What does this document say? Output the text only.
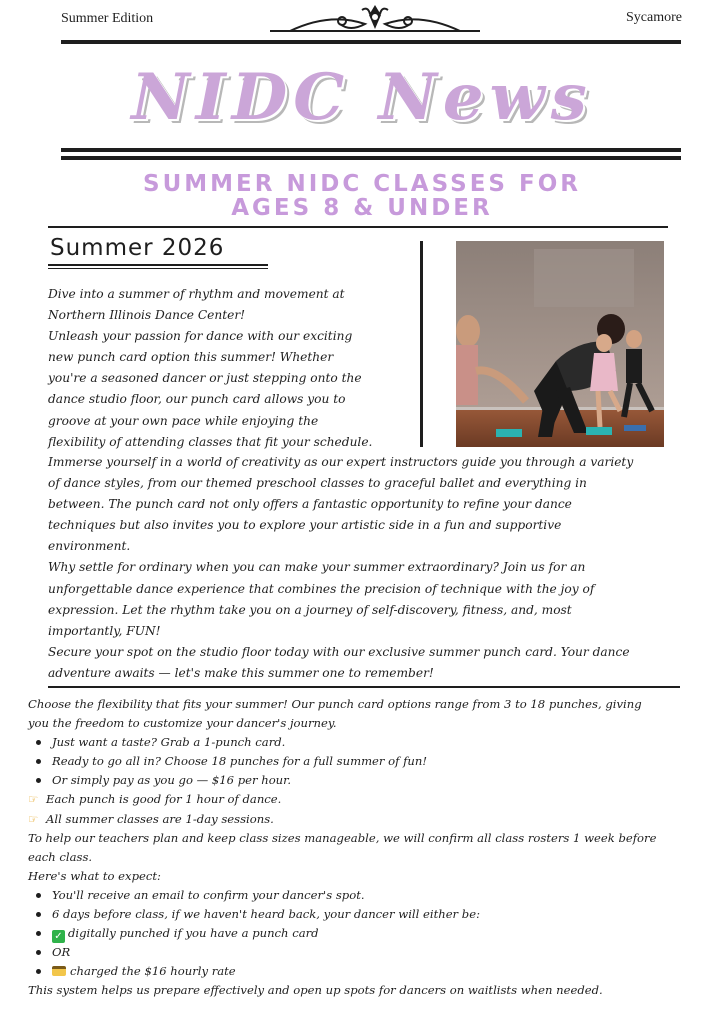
Summer Edition	Sycamore
NIDC News
SUMMER NIDC CLASSES FOR
AGES 8 & UNDER
Summer 2026

Dive into a summer of rhythm and movement at

Northern Illinois Dance Center!

Unleash your passion for dance with our exciting

new punch card option this summer! Whether

you're a seasoned dancer or just stepping onto the

dance studio floor, our punch card allows you to

groove at your own pace while enjoying the

flexibility of attending classes that fit your schedule.

Immerse yourself in a world of creativity as our expert instructors guide you through a variety

of dance styles, from our themed preschool classes to graceful ballet and everything in

between. The punch card not only offers a fantastic opportunity to refine your dance

techniques but also invites you to explore your artistic side in a fun and supportive

environment.

Why settle for ordinary when you can make your summer extraordinary? Join us for an

unforgettable dance experience that combines the precision of technique with the joy of

expression. Let the rhythm take you on a journey of self-discovery, fitness, and, most

importantly, FUN!

Secure your spot on the studio floor today with our exclusive summer punch card. Your dance

adventure awaits — let's make this summer one to remember!

Choose the flexibility that fits your summer! Our punch card options range from 3 to 18 punches, giving

you the freedom to customize your dancer's journey.

Just want a taste? Grab a 1-punch card.
Ready to go all in? Choose 18 punches for a full summer of fun!
Or simply pay as you go — $16 per hour.

☞ Each punch is good for 1 hour of dance.

☞ All summer classes are 1-day sessions.

To help our teachers plan and keep class sizes manageable, we will confirm all class rosters 1 week before

each class.

Here's what to expect:

You'll receive an email to confirm your dancer's spot.
6 days before class, if we haven't heard back, your dancer will either be:
✓ digitally punched if you have a punch card
OR
charged the $16 hourly rate

This system helps us prepare effectively and open up spots for dancers on waitlists when needed.
